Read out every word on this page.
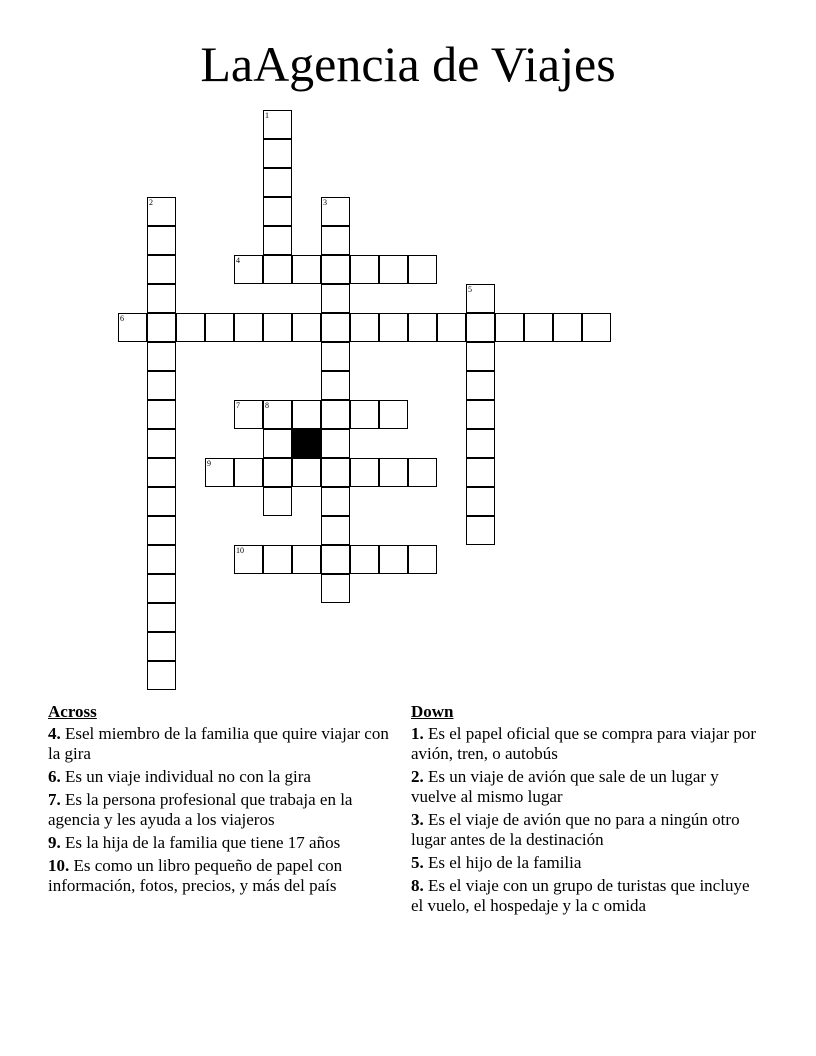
LaAgencia de Viajes
1
2	3
4
5
6
7	8
9
10
Across
4. Esel miembro de la familia que quire viajar con la gira
6. Es un viaje individual no con la gira
7. Es la persona profesional que trabaja en la agencia y les ayuda a los viajeros
9. Es la hija de la familia que tiene 17 años
10. Es como un libro pequeño de papel con información, fotos, precios, y más del país
Down
1. Es el papel oficial que se compra para viajar por avión, tren, o autobús
2. Es un viaje de avión que sale de un lugar y vuelve al mismo lugar
3. Es el viaje de avión que no para a ningún otro lugar antes de la destinación
5. Es el hijo de la familia
8. Es el viaje con un grupo de turistas que incluye el vuelo, el hospedaje y la c omida
